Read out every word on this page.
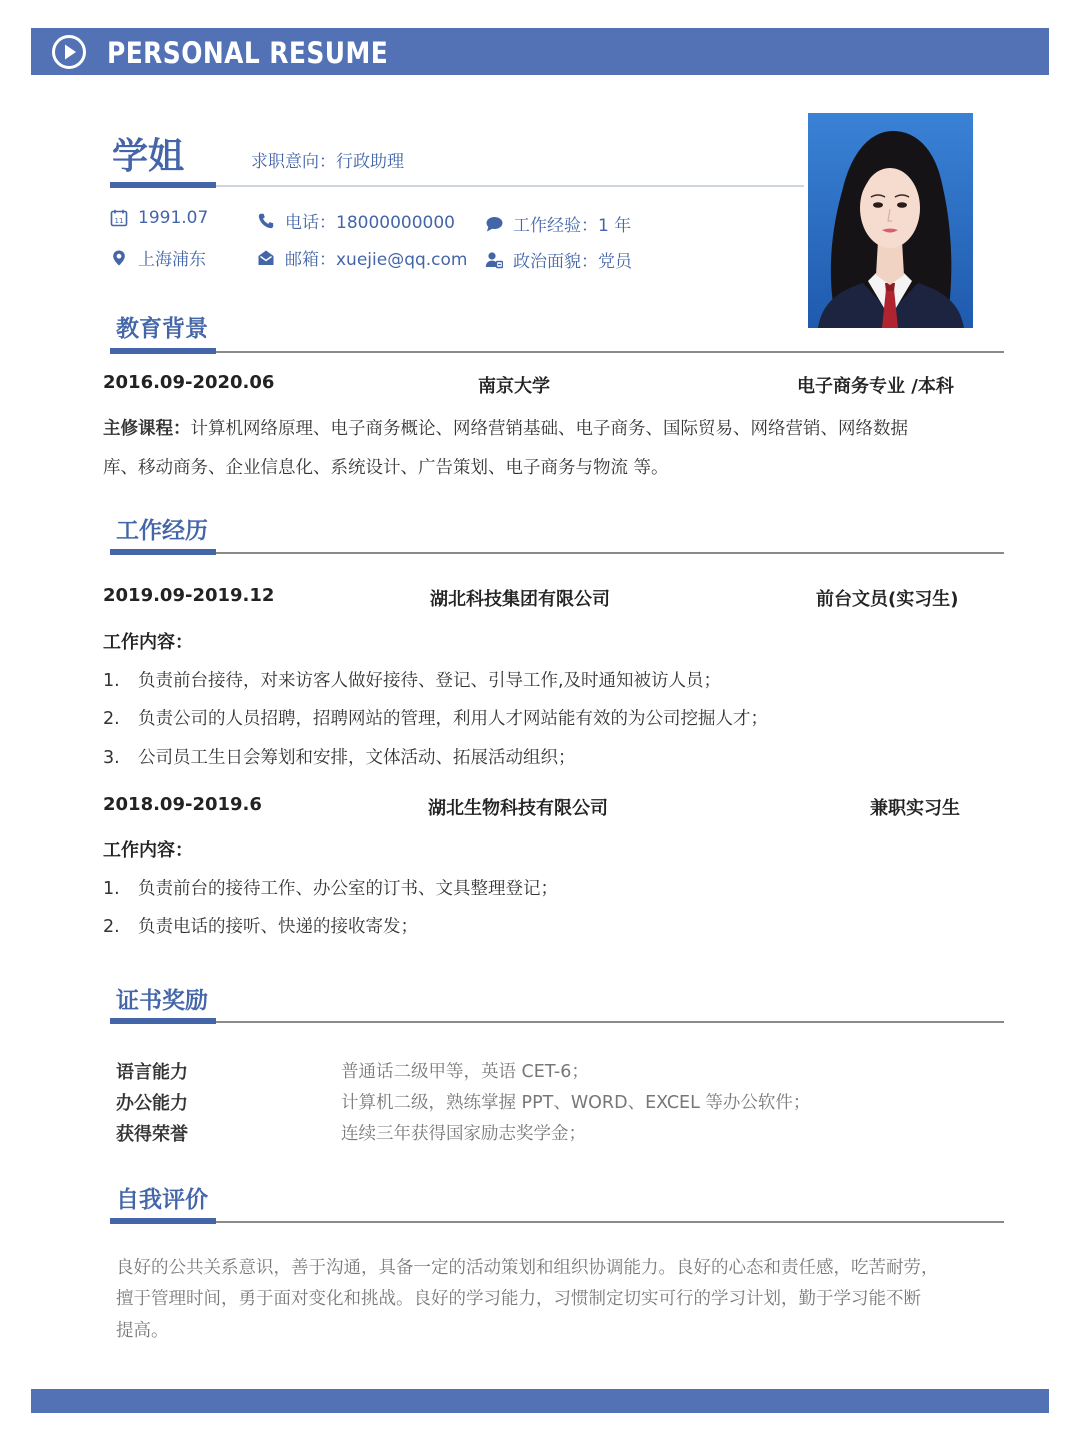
PERSONAL RESUME
学姐	求职意向：行政助理
11 1991.07
上海浦东
电话：18000000000
邮箱：xuejie@qq.com
工作经验：1 年
政治面貌：党员
教育背景
2016.09-2020.06	南京大学	电子商务专业 /本科
主修课程：计算机网络原理、电子商务概论、网络营销基础、电子商务、国际贸易、网络营销、网络数据
库、移动商务、企业信息化、系统设计、广告策划、电子商务与物流 等。
工作经历
2019.09-2019.12	湖北科技集团有限公司	前台文员(实习生)
工作内容：
1. 负责前台接待，对来访客人做好接待、登记、引导工作,及时通知被访人员；
2. 负责公司的人员招聘，招聘网站的管理，利用人才网站能有效的为公司挖掘人才；
3. 公司员工生日会筹划和安排，文体活动、拓展活动组织；
2018.09-2019.6	湖北生物科技有限公司	兼职实习生
工作内容：
1. 负责前台的接待工作、办公室的订书、文具整理登记；
2. 负责电话的接听、快递的接收寄发；
证书奖励
语言能力	普通话二级甲等，英语 CET-6；
办公能力	计算机二级，熟练掌握 PPT、WORD、EXCEL 等办公软件；
获得荣誉	连续三年获得国家励志奖学金；
自我评价
良好的公共关系意识，善于沟通，具备一定的活动策划和组织协调能力。良好的心态和责任感，吃苦耐劳，
擅于管理时间，勇于面对变化和挑战。良好的学习能力，习惯制定切实可行的学习计划，勤于学习能不断
提高。
